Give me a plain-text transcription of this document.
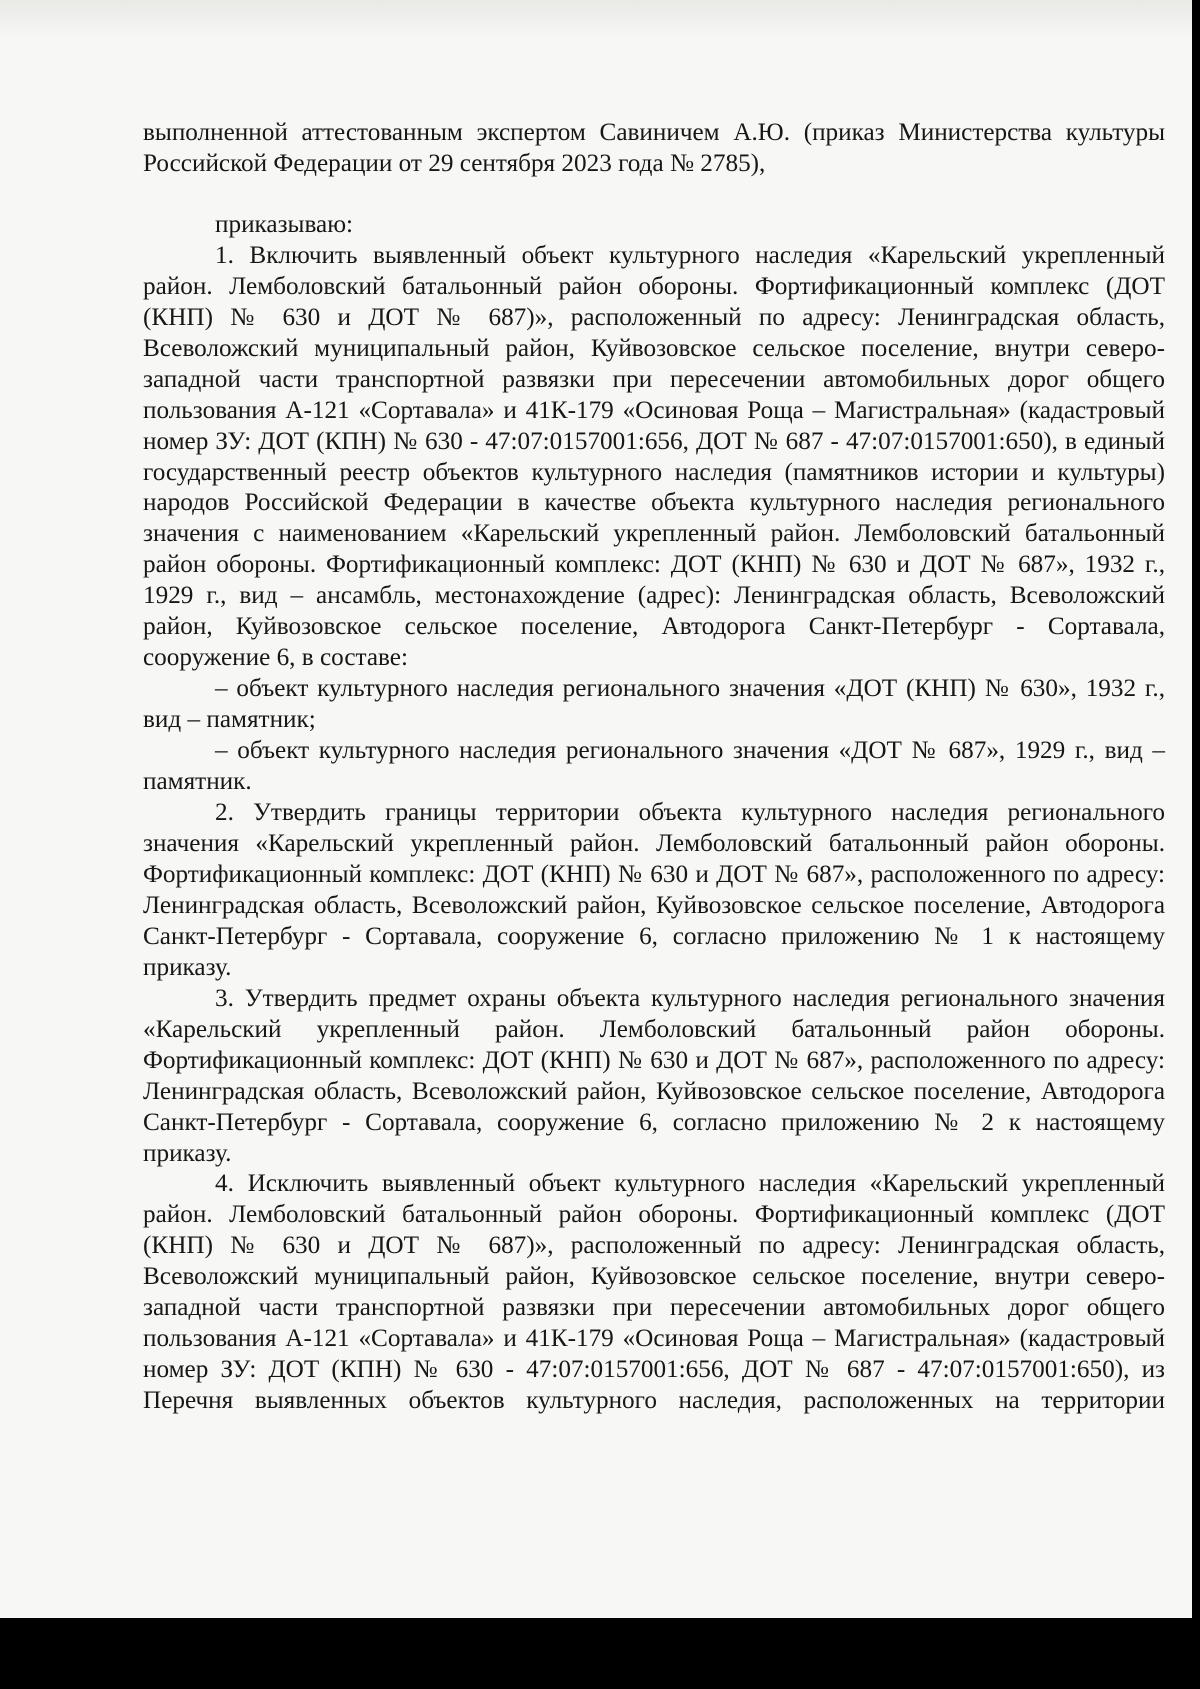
выполненной аттестованным экспертом Савиничем А.Ю. (приказ Министерства культуры Российской Федерации от 29 сентября 2023 года № 2785),

приказываю:

1. Включить выявленный объект культурного наследия «Карельский укрепленный район. Лемболовский батальонный район обороны. Фортификационный комплекс (ДОТ (КНП) № 630 и ДОТ № 687)», расположенный по адресу: Ленинградская область, Всеволожский муниципальный район, Куйвозовское сельское поселение, внутри северо-западной части транспортной развязки при пересечении автомобильных дорог общего пользования А-121 «Сортавала» и 41К-179 «Осиновая Роща – Магистральная» (кадастровый номер ЗУ: ДОТ (КПН) № 630 - 47:07:0157001:656, ДОТ № 687 - 47:07:0157001:650), в единый государственный реестр объектов культурного наследия (памятников истории и культуры) народов Российской Федерации в качестве объекта культурного наследия регионального значения с наименованием «Карельский укрепленный район. Лемболовский батальонный район обороны. Фортификационный комплекс: ДОТ (КНП) № 630 и ДОТ № 687», 1932 г., 1929 г., вид – ансамбль, местонахождение (адрес): Ленинградская область, Всеволожский район, Куйвозовское сельское поселение, Автодорога Санкт-Петербург - Сортавала, сооружение 6, в составе:

– объект культурного наследия регионального значения «ДОТ (КНП) № 630», 1932 г., вид – памятник;

– объект культурного наследия регионального значения «ДОТ № 687», 1929 г., вид – памятник.

2. Утвердить границы территории объекта культурного наследия регионального значения «Карельский укрепленный район. Лемболовский батальонный район обороны. Фортификационный комплекс: ДОТ (КНП) № 630 и ДОТ № 687», расположенного по адресу: Ленинградская область, Всеволожский район, Куйвозовское сельское поселение, Автодорога Санкт-Петербург - Сортавала, сооружение 6, согласно приложению № 1 к настоящему приказу.

3. Утвердить предмет охраны объекта культурного наследия регионального значения «Карельский укрепленный район. Лемболовский батальонный район обороны. Фортификационный комплекс: ДОТ (КНП) № 630 и ДОТ № 687», расположенного по адресу: Ленинградская область, Всеволожский район, Куйвозовское сельское поселение, Автодорога Санкт-Петербург - Сортавала, сооружение 6, согласно приложению № 2 к настоящему приказу.

4. Исключить выявленный объект культурного наследия «Карельский укрепленный район. Лемболовский батальонный район обороны. Фортификационный комплекс (ДОТ (КНП) № 630 и ДОТ № 687)», расположенный по адресу: Ленинградская область, Всеволожский муниципальный район, Куйвозовское сельское поселение, внутри северо-западной части транспортной развязки при пересечении автомобильных дорог общего пользования А-121 «Сортавала» и 41К-179 «Осиновая Роща – Магистральная» (кадастровый номер ЗУ: ДОТ (КПН) № 630 - 47:07:0157001:656, ДОТ № 687 - 47:07:0157001:650), из Перечня выявленных объектов культурного наследия, расположенных на территории
